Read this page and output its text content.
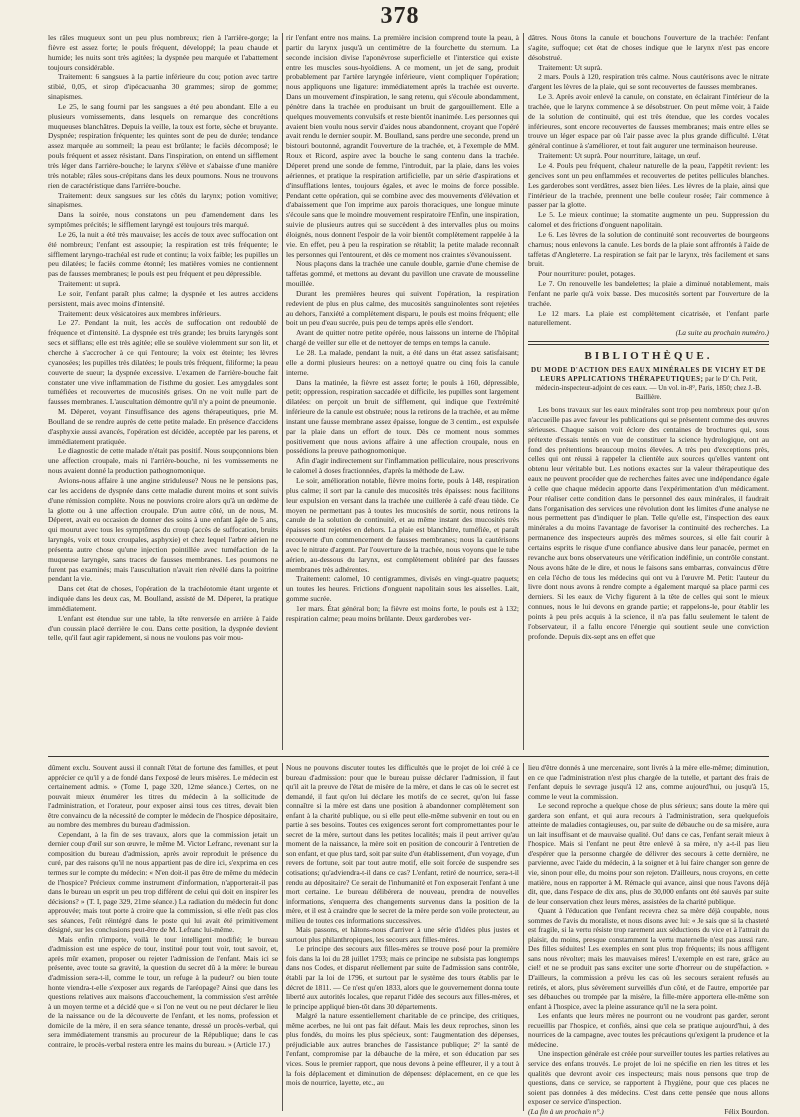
378

les râles muqueux sont un peu plus nombreux; rien à l'arrière-gorge; la fièvre est assez forte; le pouls fréquent, développé; la peau chaude et humide; les nuits sont très agitées; la dyspnée peu marquée et l'abattement toujours considérable.

Traitement: 6 sangsues à la partie inférieure du cou; potion avec tartre stibié, 0,05, et sirop d'ipécacuanha 30 grammes; sirop de gomme; sinapismes.

Le 25, le sang fourni par les sangsues a été peu abondant. Elle a eu plusieurs vomissements, dans lesquels on remarque des concrétions muqueuses blanchâtres. Depuis la veille, la toux est forte, sèche et bruyante. Dyspnée; respiration fréquente; les quintes sont de peu de durée; tendance assez marquée au sommeil; la peau est brûlante; le faciès décomposé; le pouls fréquent et assez résistant. Dans l'inspiration, on entend un sifflement très léger dans l'arrière-bouche; le larynx s'élève et s'abaisse d'une manière très notable; râles sous-crépitans dans les deux poumons. Nous ne trouvons rien de caractéristique dans l'arrière-bouche.

Traitement: deux sangsues sur les côtés du larynx; potion vomitive; sinapismes.

Dans la soirée, nous constatons un peu d'amendement dans les symptômes précités; le sifflement laryngé est toujours très marqué.

Le 26, la nuit a été très mauvaise; les accès de toux avec suffocation ont été nombreux; l'enfant est assoupie; la respiration est très fréquente; le sifflement laryngo-trachéal est rude et continu; la voix faible; les pupilles un peu dilatées; le faciès comme étonné; les matières vomies ne contiennent pas de fausses membranes; le pouls est peu fréquent et peu dépressible.

Traitement: ut suprà.

Le soir, l'enfant paraît plus calme; la dyspnée et les autres accidens persistent, mais avec moins d'intensité.

Traitement: deux vésicatoires aux membres inférieurs.

Le 27. Pendant la nuit, les accès de suffocation ont redoublé de fréquence et d'intensité. La dyspnée est très grande; les bruits laryngés sont secs et sifflans; elle est très agitée; elle se soulève violemment sur son lit, et cherche à s'accrocher à ce qui l'entoure; la voix est éteinte; les lèvres cyanosées; les pupilles très dilatées; le pouls très fréquent, filiforme; la peau couverte de sueur; la dyspnée excessive. L'examen de l'arrière-bouche fait constater une vive inflammation de l'isthme du gosier. Les amygdales sont tuméfiées et recouvertes de mucosités grises. On ne voit nulle part de fausses membranes. L'auscultation démontre qu'il n'y a point de pneumonie.

M. Déperet, voyant l'insuffisance des agens thérapeutiques, prie M. Boulland de se rendre auprès de cette petite malade. En présence d'accidens d'asphyxie aussi avancés, l'opération est décidée, acceptée par les parens, et immédiatement pratiquée.

Le diagnostic de cette malade n'était pas positif. Nous soupçonnions bien une affection croupale, mais ni l'arrière-bouche, ni les vomissements ne nous avaient donné la production pathognomonique.

Avions-nous affaire à une angine striduleuse? Nous ne le pensions pas, car les accidens de dyspnée dans cette maladie durent moins et sont suivis d'une rémission complète. Nous ne pouvions croire alors qu'à un œdème de la glotte ou à une affection croupale. D'un autre côté, un de nous, M. Déperet, avait eu occasion de donner des soins à une enfant âgée de 5 ans, qui mourut avec tous les symptômes du croup (accès de suffocation, bruits laryngés, voix et toux croupales, asphyxie) et chez lequel l'arbre aérien ne présenta autre chose qu'une injection pointillée avec tuméfaction de la muqueuse laryngée, sans traces de fausses membranes. Les poumons ne furent pas examinés; mais l'auscultation n'avait rien révélé dans la poitrine pendant la vie.

Dans cet état de choses, l'opération de la trachéotomie étant urgente et indiquée dans les deux cas, M. Boulland, assisté de M. Déperet, la pratique immédiatement.

L'enfant est étendue sur une table, la tête renversée en arrière à l'aide d'un coussin placé derrière le cou. Dans cette position, la dyspnée devient telle, qu'il faut agir rapidement, si nous ne voulons pas voir mou-

rir l'enfant entre nos mains. La première incision comprend toute la peau, à partir du larynx jusqu'à un centimètre de la fourchette du sternum. La seconde incision divise l'aponévrose superficielle et l'interstice qui existe entre les muscles sous-hyoïdiens. A ce moment, un jet de sang, produit probablement par l'artère laryngée inférieure, vient compliquer l'opération; nous appliquons une ligature: immédiatement après la trachée est ouverte. Dans un mouvement d'inspiration, le sang retenu, qui s'écoule abondamment, pénètre dans la trachée en produisant un bruit de gargouillement. Elle a quelques mouvements convulsifs et reste bientôt inanimée. Les personnes qui avaient bien voulu nous servir d'aides nous abandonnent, croyant que l'opéré avait rendu le dernier soupir. M. Boulland, sans perdre une seconde, prend un bistouri boutonné, agrandit l'ouverture de la trachée, et, à l'exemple de MM. Roux et Ricord, aspire avec la bouche le sang contenu dans la trachée. Déperet prend une sonde de femme, l'introduit, par la plaie, dans les voies aériennes, et pratique la respiration artificielle, par un série d'aspirations et d'insufflations lentes, toujours égales, et avec le moins de force possible. Pendant cette opération, qui se combine avec des mouvements d'élévation et d'abaissement que l'on imprime aux parois thoraciques, une longue minute s'écoule sans que le moindre mouvement respiratoire l'Enfin, une inspiration, suivie de plusieurs autres qui se succèdent à des intervalles plus ou moins éloignés, nous donnent l'espoir de la voir bientôt complètement rappelée à la vie. En effet, peu à peu la respiration se rétablit; la petite malade reconnaît les personnes qui l'entourent, et dès ce moment nos craintes s'évanouissent.

Nous plaçons dans la trachée une canule double, garnie d'une chemise de taffetas gommé, et mettons au devant du pavillon une cravate de mousseline mouillée.

Durant les premières heures qui suivent l'opération, la respiration redevient de plus en plus calme, des mucosités sanguinolentes sont rejetées au dehors, l'anxiété a complètement disparu, le pouls est moins fréquent; elle boit un peu d'eau sucrée, puis peu de temps après elle s'endort.

Avant de quitter notre petite opérée, nous laissons un interne de l'hôpital chargé de veiller sur elle et de nettoyer de temps en temps la canule.

Le 28. La malade, pendant la nuit, a été dans un état assez satisfaisant; elle a dormi plusieurs heures: on a nettoyé quatre ou cinq fois la canule interne.

Dans la matinée, la fièvre est assez forte; le pouls à 160, dépressible, petit; oppression, respiration saccadée et difficile, les pupilles sont largement dilatées: on perçoit un bruit de sifflement, qui indique que l'extrémité inférieure de la canule est obstruée; nous la retirons de la trachée, et au même instant une fausse membrane assez épaisse, longue de 3 centim., est expulsée par la plaie dans un effort de toux. Dès ce moment nous sommes positivement que nous avions affaire à une affection croupale, nous en possédions la preuve pathognomonique.

Afin d'agir indirectement sur l'inflammation pelliculaire, nous prescrivons le calomel à doses fractionnées, d'après la méthode de Law.

Le soir, amélioration notable, fièvre moins forte, pouls à 148, respiration plus calme; il sort par la canule des mucosités très épaisses: nous facilitons leur expulsion en versant dans la trachée une cuillerée à café d'eau tiède. Ce moyen ne permettant pas à toutes les mucosités de sortir, nous retirons la canule de la solution de continuité, et au même instant des mucosités très épaisses sont rejetées en dehors. La plaie est blanchâtre, tuméfiée, et paraît recouverte d'un commencement de fausses membranes; nous la cautérisons avec le nitrate d'argent. Par l'ouverture de la trachée, nous voyons que le tube aérien, au-dessous du larynx, est complètement oblitéré par des fausses membranes très adhérentes.

Traitement: calomel, 10 centigrammes, divisés en vingt-quatre paquets; un toutes les heures. Frictions d'onguent napolitain sous les aisselles. Lait, gomme sucrée.

1er mars. État général bon; la fièvre est moins forte, le pouls est à 132; respiration calme; peau moins brûlante. Deux garderobes ver-

dâtres. Nous ôtons la canule et bouchons l'ouverture de la trachée: l'enfant s'agite, suffoque; cet état de choses indique que le larynx n'est pas encore désobstrué.

Traitement: Ut suprà.

2 mars. Pouls à 120, respiration très calme. Nous cautérisons avec le nitrate d'argent les lèvres de la plaie, qui se sont recouvertes de fausses membranes.

Le 3. Après avoir enlevé la canule, on constate, en éclairant l'intérieur de la trachée, que le larynx commence à se désobstruer. On peut même voir, à l'aide de la solution de continuité, qui est très étendue, que les cordes vocales inférieures, sont encore recouvertes de fausses membranes; mais entre elles se trouve un léger espace par où l'air passe avec la plus grande difficulté. L'état général continue à s'améliorer, et tout fait augurer une terminaison heureuse.

Traitement: Ut suprà. Pour nourriture, laitage, un œuf.

Le 4. Pouls peu fréquent, chaleur naturelle de la peau, l'appétit revient: les gencives sont un peu enflammées et recouvertes de petites pellicules blanches. Les garderobes sont verdâtres, assez bien liées. Les lèvres de la plaie, ainsi que l'intérieur de la trachée, prennent une belle couleur rosée; l'air commence à passer par la glotte.

Le 5. Le mieux continue; la stomatite augmente un peu. Suppression du calomel et des frictions d'onguent napolitain.

Le 6. Les lèvres de la solution de continuité sont recouvertes de bourgeons charnus; nous enlevons la canule. Les bords de la plaie sont affrontés à l'aide de taffetas d'Angleterre. La respiration se fait par le larynx, très facilement et sans bruit.

Pour nourriture: poulet, potages.

Le 7. On renouvelle les bandelettes; la plaie a diminué notablement, mais l'enfant ne parle qu'à voix basse. Des mucosités sortent par l'ouverture de la trachée.

Le 12 mars. La plaie est complètement cicatrisée, et l'enfant parle naturellement.

(La suite au prochain numéro.)

BIBLIOTHÈQUE.
DU MODE D'ACTION DES EAUX MINÉRALES DE VICHY ET DE LEURS APPLICATIONS THÉRAPEUTIQUES; par le D' Ch. Petit, médecin-inspecteur-adjoint de ces eaux. — Un vol. in-8°, Paris, 1850; chez J.-B. Baillière.

Les bons travaux sur les eaux minérales sont trop peu nombreux pour qu'on n'accueille pas avec faveur les publications qui se présentent comme des œuvres sérieuses. Chaque saison voit éclore des centaines de brochures qui, sous prétexte d'essais tentés en vue de constituer la science hydrologique, ont au fond des prétentions beaucoup moins élevées. A très peu d'exceptions près, celles qui ont réussi à rappeler la clientèle aux sources qu'elles vantent ont obtenu leur véritable but. Les notions exactes sur la valeur thérapeutique des eaux ne peuvent procéder que de recherches faites avec une indépendance égale à celle que chaque médecin apporte dans l'expérimentation d'un médicament. Pour réaliser cette condition dans le personnel des eaux minérales, il faudrait dans l'organisation des services une révolution dont les limites d'une analyse ne nous permettent pas d'indiquer le plan. Telle qu'elle est, l'inspection des eaux minérales a du moins l'avantage de favoriser la continuité des recherches. La permanence des inspecteurs auprès des mêmes sources, si elle fait courir à certains esprits le risque d'une confiance abusive dans leur panacée, permet en revanche aux bons observateurs une vérification indéfinie, un contrôle constant. Nous avons hâte de le dire, et nous le faisons sans embarras, convaincus d'être en cela l'écho de tous les médecins qui ont vu à l'œuvre M. Petit: l'auteur du livre dont nous avons à rendre compte a également marqué sa place parmi ces derniers. Si les eaux de Vichy figurent à la tête de celles qui sont le mieux connues, nous le lui devons en grande partie; et rappelons-le, pour établir les points à peu près acquis à la science, il n'a pas fallu seulement le talent de l'observateur, il a fallu encore l'énergie qui soutient seule une conviction profonde. Depuis dix-sept ans en effet que

dûment exclu. Souvent aussi il connaît l'état de fortune des familles, et peut apprécier ce qu'il y a de fondé dans l'exposé de leurs misères. Le médecin est certainement admis. » (Tome I, page 320, 12me séance.) Certes, on ne pouvait mieux énumérer les titres du médecin à la sollicitude de l'administration, et l'orateur, pour exposer ainsi tous ces titres, devait bien être convaincu de la nécessité de compter le médecin de l'hospice dépositaire, au nombre des membres du bureau d'admission.

Cependant, à la fin de ses travaux, alors que la commission jetait un dernier coup d'œil sur son œuvre, le même M. Victor Lefranc, revenant sur la composition du bureau d'admission, après avoir reproduit le présence du curé, par des raisons qu'il ne nous appartient pas de dire ici, s'exprima en ces termes sur le compte du médecin: « N'en doit-il pas être de même du médecin de l'hospice? Précieux comme instrument d'information, n'apporterait-il pas dans le bureau un esprit un peu trop différent de celui qui doit en inspirer les décisions? » (T. I, page 329, 21me séance.) La radiation du médecin fut donc approuvée; mais tout porte à croire que la commission, si elle n'eût pas clos ses séances, l'eût réintégré dans le poste qui lui avait été primitivement désigné, sur les conclusions peut-être de M. Lefranc lui-même.

Mais enfin n'importe, voilà le tour intelligent modifié; le bureau d'admission est une espèce de tour, institué pour tout voir, tout savoir, et, après mûr examen, proposer ou rejeter l'admission de l'enfant. Mais ici se présente, avec toute sa gravité, la question du secret dû à la mère: le bureau d'admission sera-t-il, comme le tour, un refuge à la pudeur? ou bien toute honte viendra-t-elle s'exposer aux regards de l'aréopage? Ainsi que dans les questions relatives aux maisons d'accouchement, la commission s'est arrêtée à un moyen terme et a décidé que « si l'on ne veut ou ne peut déclarer le lieu de la naissance ou de la découverte de l'enfant, et les noms, profession et domicile de la mère, il en sera séance tenante, dressé un procès-verbal, qui sera immédiatement transmis au procureur de la République; dans le cas contraire, le procès-verbal restera entre les mains du bureau. » (Article 17.)

Nous ne pouvons discuter toutes les difficultés que le projet de loi créé à ce bureau d'admission: pour que le bureau puisse déclarer l'admission, il faut qu'il ait la preuve de l'état de misère de la mère, et dans le cas où le secret est demandé, il faut qu'on lui déclare les motifs de ce secret, qu'on lui fasse connaître si la mère est dans une position à abandonner complètement son enfant à la charité publique, ou si elle peut elle-même subvenir en tout ou en partie à ses besoins. Toutes ces exigences seront fort compromettantes pour le secret de la mère, surtout dans les petites localités; mais il peut arriver qu'au moment de la naissance, la mère soit en position de concourir à l'entretien de son enfant, et que plus tard, soit par suite d'un établissement, d'un voyage, d'un revers de fortune, soit par tout autre motif, elle soit forcée de suspendre ses cotisations; qu'adviendra-t-il dans ce cas? L'enfant, retiré de nourrice, sera-t-il rendu au dépositaire? Ce serait de l'inhumanité et l'on exposerait l'enfant à une mort certaine. Le bureau délibérera de nouveau, prendra de nouvelles informations, s'enquerra des changements survenus dans la position de la mère, et il est à craindre que le secret de la mère perde son voile protecteur, au milieu de toutes ces informations successives.

Mais passons, et hâtons-nous d'arriver à une série d'idées plus justes et surtout plus philanthropiques, les secours aux filles-mères.

Le principe des secours aux filles-mères se trouve posé pour la première fois dans la loi du 28 juillet 1793; mais ce principe ne subsista pas longtemps dans nos Codes, et disparut réellement par suite de l'admission sans contrôle, établi par la loi de 1796, et surtout par le système des tours établis par le décret de 1811. — Ce n'est qu'en 1833, alors que le gouvernement donna toute liberté aux autorités locales, que reparut l'idée des secours aux filles-mères, et le principe appliqué bien-tôt dans 30 départements.

Malgré la nature essentiellement charitable de ce principe, des critiques, même acerbes, ne lui ont pas fait défaut. Mais les deux reproches, sinon les plus fondés, du moins les plus spécieux, sont: l'augmentation des dépenses, préjudiciable aux autres branches de l'assistance publique; 2° la santé de l'enfant, compromise par la débauche de la mère, et son éducation par ses vices. Sous le premier rapport, que nous devons à peine effleurer, il y a tout à la fois déplacement et diminution de dépenses: déplacement, en ce que les mois de nourrice, layette, etc., au

lieu d'être donnés à une mercenaire, sont livrés à la mère elle-même; diminution, en ce que l'administration n'est plus chargée de la tutelle, et partant des frais de l'enfant depuis le sevrage jusqu'à 12 ans, comme aujourd'hui, ou jusqu'à 15, comme le veut la commission.

Le second reproche a quelque chose de plus sérieux; sans doute la mère qui gardera son enfant, et qui aura recours à l'administration, sera quelquefois atteinte de maladies contagieuses, ou, par suite de débauche ou de sa misère, aura un lait insuffisant et de mauvaise qualité. Ou! dans ce cas, l'enfant serait mieux à l'hospice. Mais si l'enfant ne peut être enlevé à sa mère, n'y a-t-il pas lieu d'espérer que la personne chargée de délivrer des secours à cette dernière, ne parvienne, avec l'aide du médecin, à la soigner et à lui faire changer son genre de vie, sinon pour elle, du moins pour son rejeton. D'ailleurs, nous croyons, en cette matière, nous en rapporter à M. Rémacle qui avance, ainsi que nous l'avons déjà dit, que, dans l'espace de dix ans, plus de 30,000 enfants ont été sauvés par suite de leur conservation chez leurs mères, assistées de la charité publique.

Quant à l'éducation que l'enfant recevra chez sa mère déjà coupable, nous sommes de l'avis du moraliste, et nous disons avec lui: « Je sais que si la chasteté est fragile, si la vertu résiste trop rarement aux séductions du vice et à l'attrait du plaisir, du moins, presque constamment la vertu maternelle n'est pas aussi rare. Des filles séduites! Les exemples en sont plus trop fréquents; ils nous affligent sans nous révolter; mais les mauvaises mères! L'exemple en est rare, grâce au ciel! et ne se produit pas sans exciter une sorte d'horreur ou de stupéfaction. » D'ailleurs, la commission a prévu les cas où les secours seraient refusés au retirés, et alors, plus sévèrement surveillés d'un côté, et de l'autre, emportée par ses débauches ou trompée par la misère, la fille-mère apportera elle-même son enfant à l'hospice, avec la pleine assurance qu'il ne la sera point.

Les enfants que leurs mères ne pourront ou ne voudront pas garder, seront recueillis par l'hospice, et confiés, ainsi que cela se pratique aujourd'hui, à des nourrices de la campagne, avec toutes les précautions qu'exigent la prudence et la médecine.

Une inspection générale est créée pour surveiller toutes les parties relatives au service des enfans trouvés. Le projet de loi ne spécifie en rien les titres et les qualités que devront avoir ces inspecteurs; mais nous pensons que trop de questions, dans ce service, se rapportent à l'hygiène, pour que ces places ne soient pas données à des médecins. C'est dans cette pensée que nous allons exposer ce service d'inspection.

(La fin à un prochain n°.)	Félix Bourdon.
